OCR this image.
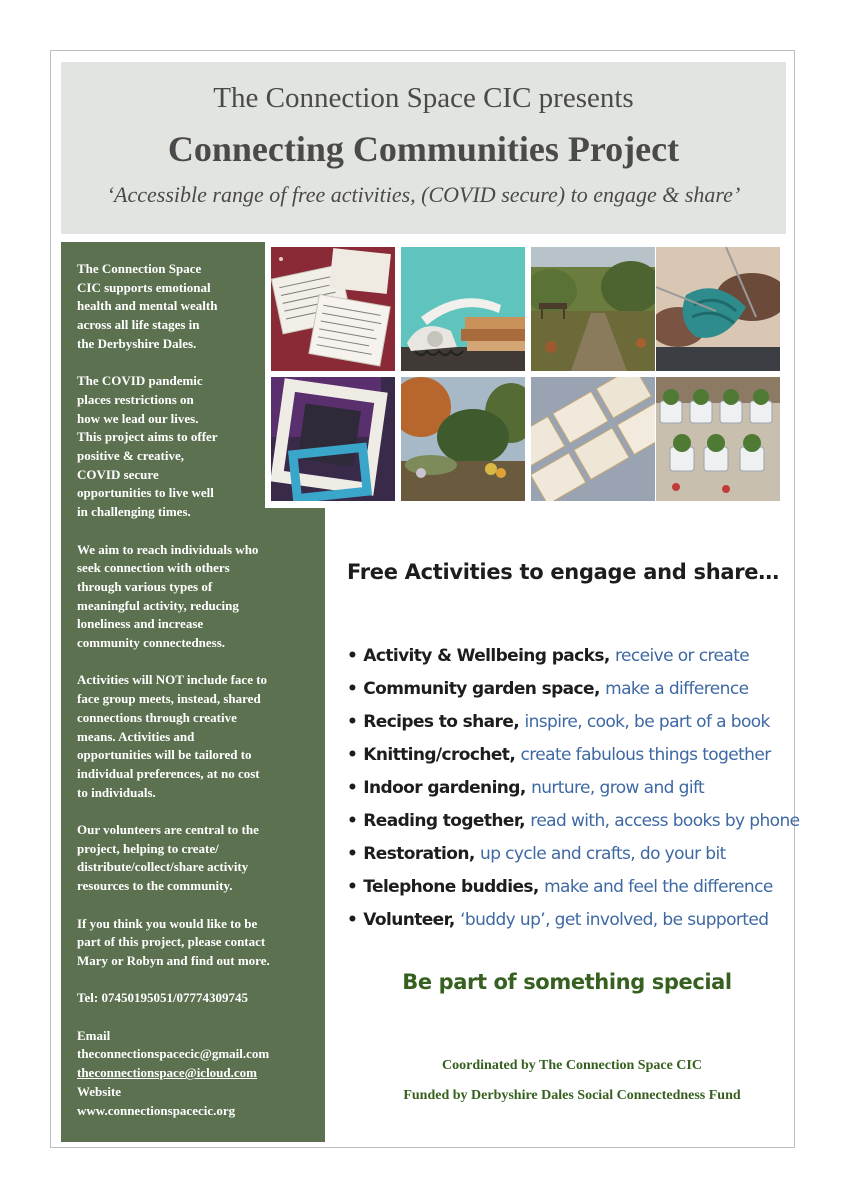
The Connection Space CIC presents
Connecting Communities Project
‘Accessible range of free activities, (COVID secure) to engage & share’

The Connection Space
CIC supports emotional
health and mental wealth
across all life stages in
the Derbyshire Dales.

The COVID pandemic
places restrictions on
how we lead our lives.
This project aims to offer
positive & creative,
COVID secure
opportunities to live well
in challenging times.

We aim to reach individuals who
seek connection with others
through various types of
meaningful activity, reducing
loneliness and increase
community connectedness.

Activities will NOT include face to
face group meets, instead, shared
connections through creative
means. Activities and
opportunities will be tailored to
individual preferences, at no cost
to individuals.

Our volunteers are central to the
project, helping to create/
distribute/collect/share activity
resources to the community.

If you think you would like to be
part of this project, please contact
Mary or Robyn and find out more.

Tel: 07450195051/07774309745

Email
theconnectionspacecic@gmail.com
theconnectionspace@icloud.com
Website
www.connectionspacecic.org
Free Activities to engage and share…
• Activity & Wellbeing packs, receive or create
• Community garden space, make a difference
• Recipes to share, inspire, cook, be part of a book
• Knitting/crochet, create fabulous things together
• Indoor gardening, nurture, grow and gift
• Reading together, read with, access books by phone
• Restoration, up cycle and crafts, do your bit
• Telephone buddies, make and feel the difference
• Volunteer, ‘buddy up’, get involved, be supported
Be part of something special
Coordinated by The Connection Space CIC
Funded by Derbyshire Dales Social Connectedness Fund
